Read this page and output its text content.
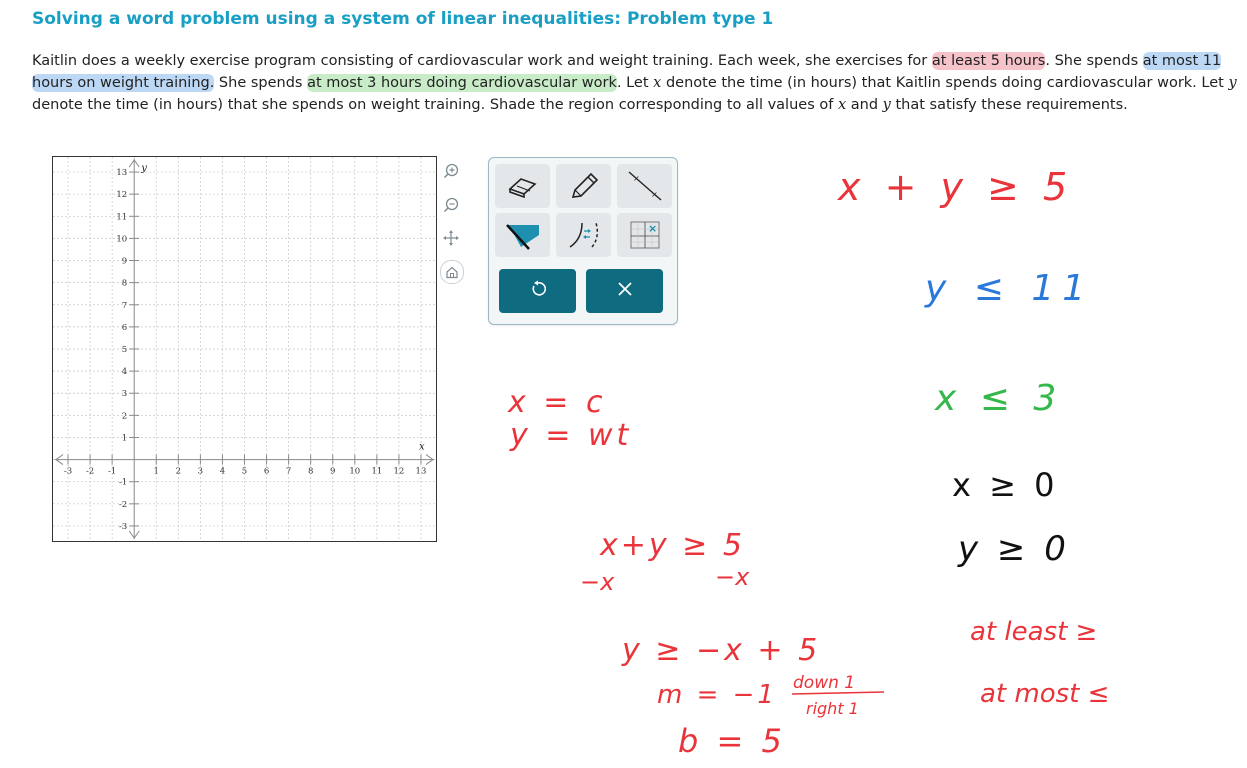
Solving a word problem using a system of linear inequalities: Problem type 1
Kaitlin does a weekly exercise program consisting of cardiovascular work and weight training. Each week, she exercises for at least 5 hours. She spends at most 11 hours on weight training. She spends at most 3 hours doing cardiovascular work. Let x denote the time (in hours) that Kaitlin spends doing cardiovascular work. Let y denote the time (in hours) that she spends on weight training. Shade the region corresponding to all values of x and y that satisfy these requirements.
-3 -2 -1	1 2 3 4 5 6 7 8 9 10 11 12 13
13
12
11
10
9
8
7
6
5
4
3
2
1
-1
-2
-3
x
y
×
×
×
x + y ≥ 5
y ≤ 11
x ≤ 3
x ≥ 0
y ≥ 0
x = c
y = wt
x+y ≥ 5
−x	−x
y ≥ −x + 5
m = −1 down 1
right 1
b = 5
at least ≥
at most ≤
